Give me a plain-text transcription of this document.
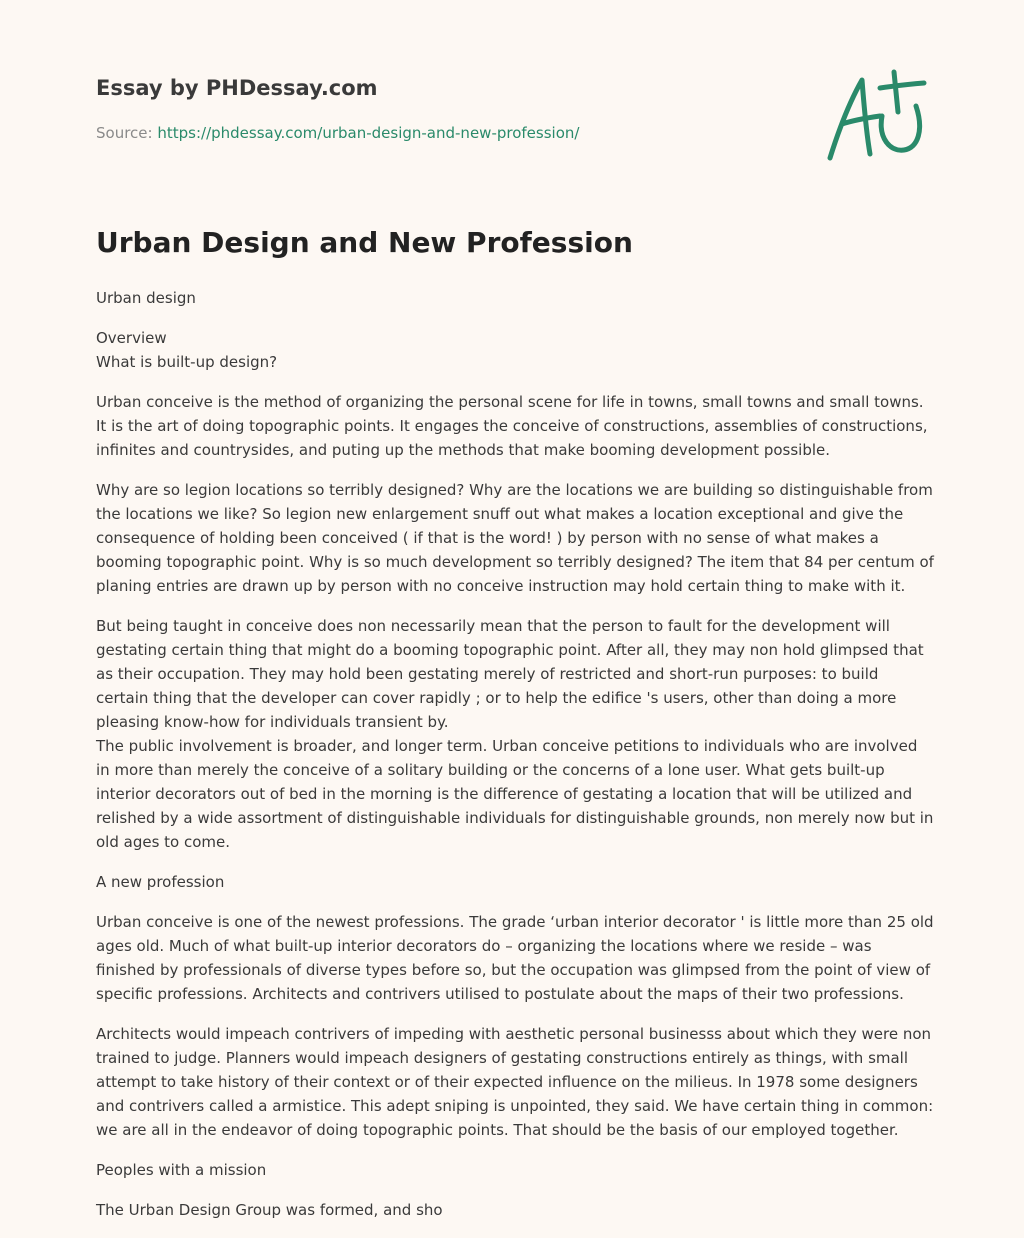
Essay by PHDessay.com
Source: https://phdessay.com/urban-design-and-new-profession/
Urban Design and New Profession

Urban design

Overview
What is built-up design?

Urban conceive is the method of organizing the personal scene for life in towns, small towns and small towns. It is the art of doing topographic points. It engages the conceive of constructions, assemblies of constructions, infinites and countrysides, and puting up the methods that make booming development possible.

Why are so legion locations so terribly designed? Why are the locations we are building so distinguishable from the locations we like? So legion new enlargement snuff out what makes a location exceptional and give the consequence of holding been conceived ( if that is the word! ) by person with no sense of what makes a booming topographic point. Why is so much development so terribly designed? The item that 84 per centum of planing entries are drawn up by person with no conceive instruction may hold certain thing to make with it.

But being taught in conceive does non necessarily mean that the person to fault for the development will gestating certain thing that might do a booming topographic point. After all, they may non hold glimpsed that as their occupation. They may hold been gestating merely of restricted and short-run purposes: to build certain thing that the developer can cover rapidly ; or to help the edifice 's users, other than doing a more pleasing know-how for individuals transient by.
The public involvement is broader, and longer term. Urban conceive petitions to individuals who are involved in more than merely the conceive of a solitary building or the concerns of a lone user. What gets built-up interior decorators out of bed in the morning is the difference of gestating a location that will be utilized and relished by a wide assortment of distinguishable individuals for distinguishable grounds, non merely now but in old ages to come.

A new profession

Urban conceive is one of the newest professions. The grade ‘urban interior decorator ' is little more than 25 old ages old. Much of what built-up interior decorators do – organizing the locations where we reside – was finished by professionals of diverse types before so, but the occupation was glimpsed from the point of view of specific professions. Architects and contrivers utilised to postulate about the maps of their two professions.

Architects would impeach contrivers of impeding with aesthetic personal businesss about which they were non trained to judge. Planners would impeach designers of gestating constructions entirely as things, with small attempt to take history of their context or of their expected influence on the milieus. In 1978 some designers and contrivers called a armistice. This adept sniping is unpointed, they said. We have certain thing in common: we are all in the endeavor of doing topographic points. That should be the basis of our employed together.

Peoples with a mission

The Urban Design Group was formed, and sho
